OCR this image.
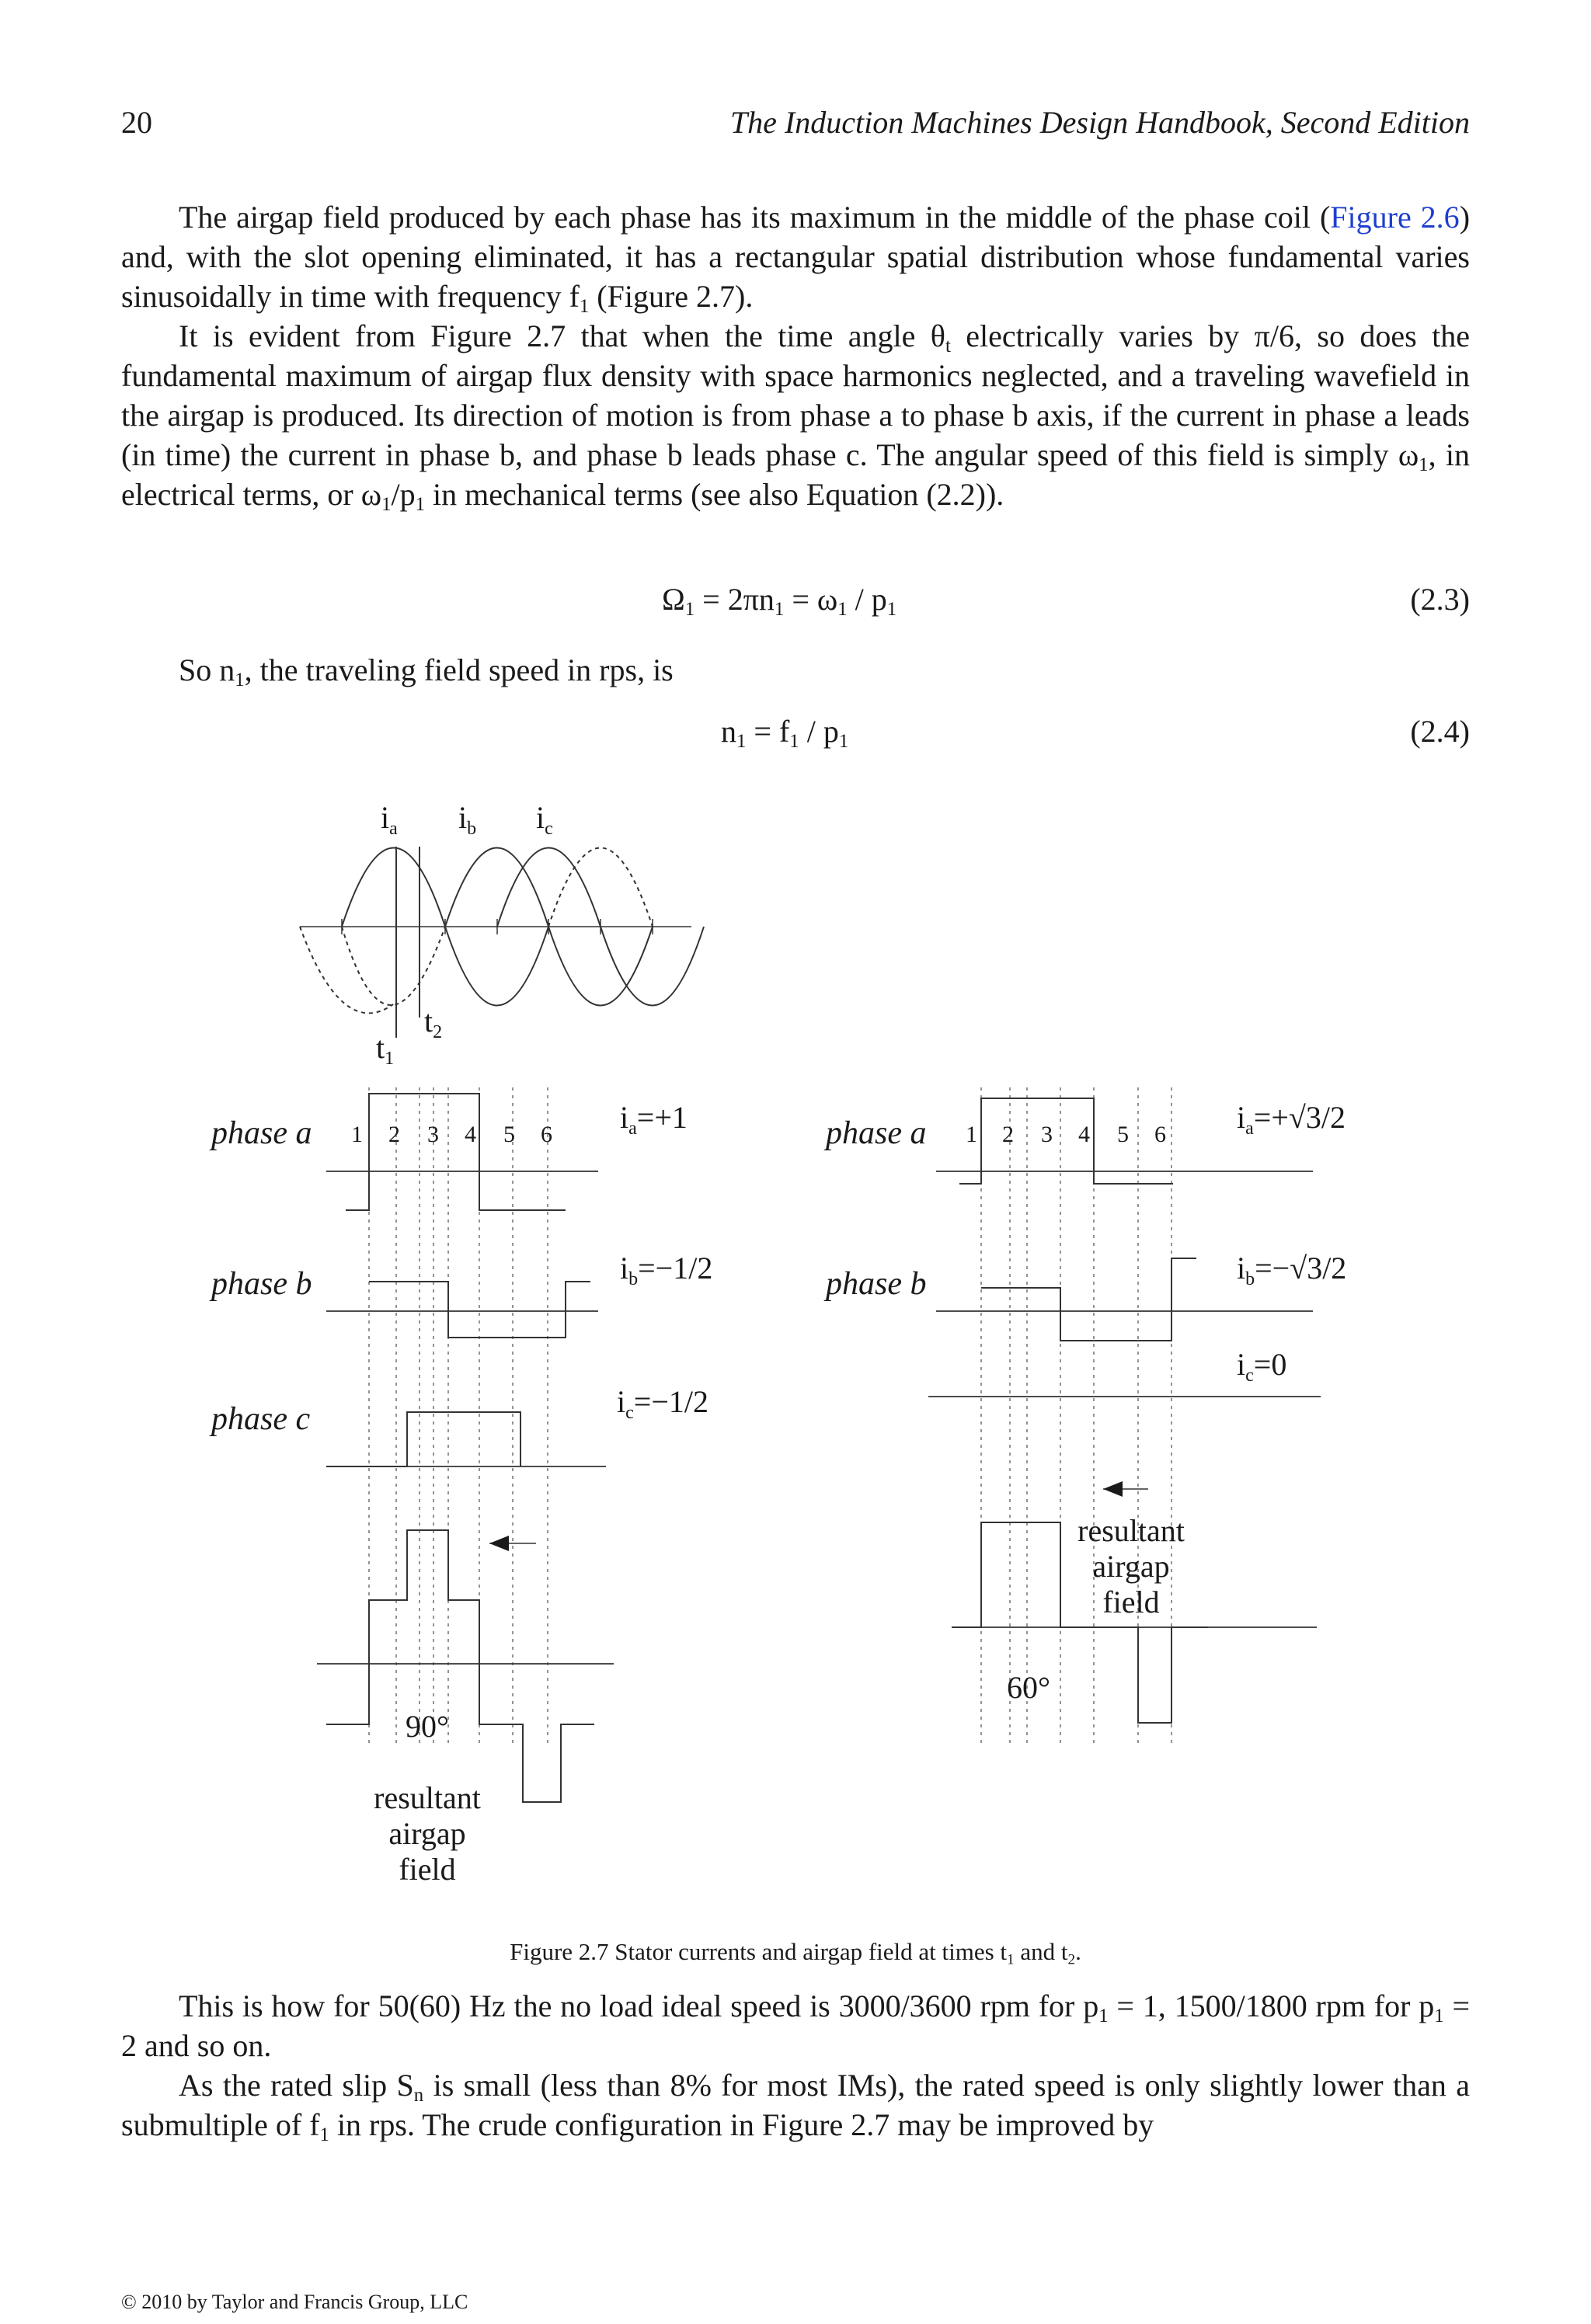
20	The Induction Machines Design Handbook, Second Edition

The airgap field produced by each phase has its maximum in the middle of the phase coil (Figure 2.6) and, with the slot opening eliminated, it has a rectangular spatial distribution whose fundamental varies sinusoidally in time with frequency $f_1$ (Figure 2.7).

It is evident from Figure 2.7 that when the time angle $\theta_t$ electrically varies by π/6, so does the fundamental maximum of airgap flux density with space harmonics neglected, and a traveling wavefield in the airgap is produced. Its direction of motion is from phase a to phase b axis, if the current in phase a leads (in time) the current in phase b, and phase b leads phase c. The angular speed of this field is simply $\omega_1$, in electrical terms, or $\omega_1/p_1$ in mechanical terms (see also Equation (2.2)).

$\Omega_1 = 2\pi n_1 = \omega_1 / p_1$	(2.3)

So $n_1$, the traveling field speed in rps, is

$n_1 = f_1 / p_1$	(2.4)
$i_a$ $i_b$ $i_c$
$t_1$
$t_2$
phase a
phase b
phase c
1 2 3 4 5 6 $i_a=+1$
$i_b=-1/2$
$i_c=-1/2$
90°
resultant
airgap
field
phase a
phase b
1 2 3 4 5 6 $i_a=+√3/2$
$i_b=-√3/2$
$i_c=0$
60°
resultant
airgap
field
Figure 2.7 Stator currents and airgap field at times $t_1$ and $t_2$.

This is how for 50(60) Hz the no load ideal speed is 3000/3600 rpm for $p_1 = 1$, 1500/1800 rpm for $p_1 = 2$ and so on.

As the rated slip $S_n$ is small (less than 8% for most IMs), the rated speed is only slightly lower than a submultiple of $f_1$ in rps. The crude configuration in Figure 2.7 may be improved by

© 2010 by Taylor and Francis Group, LLC
